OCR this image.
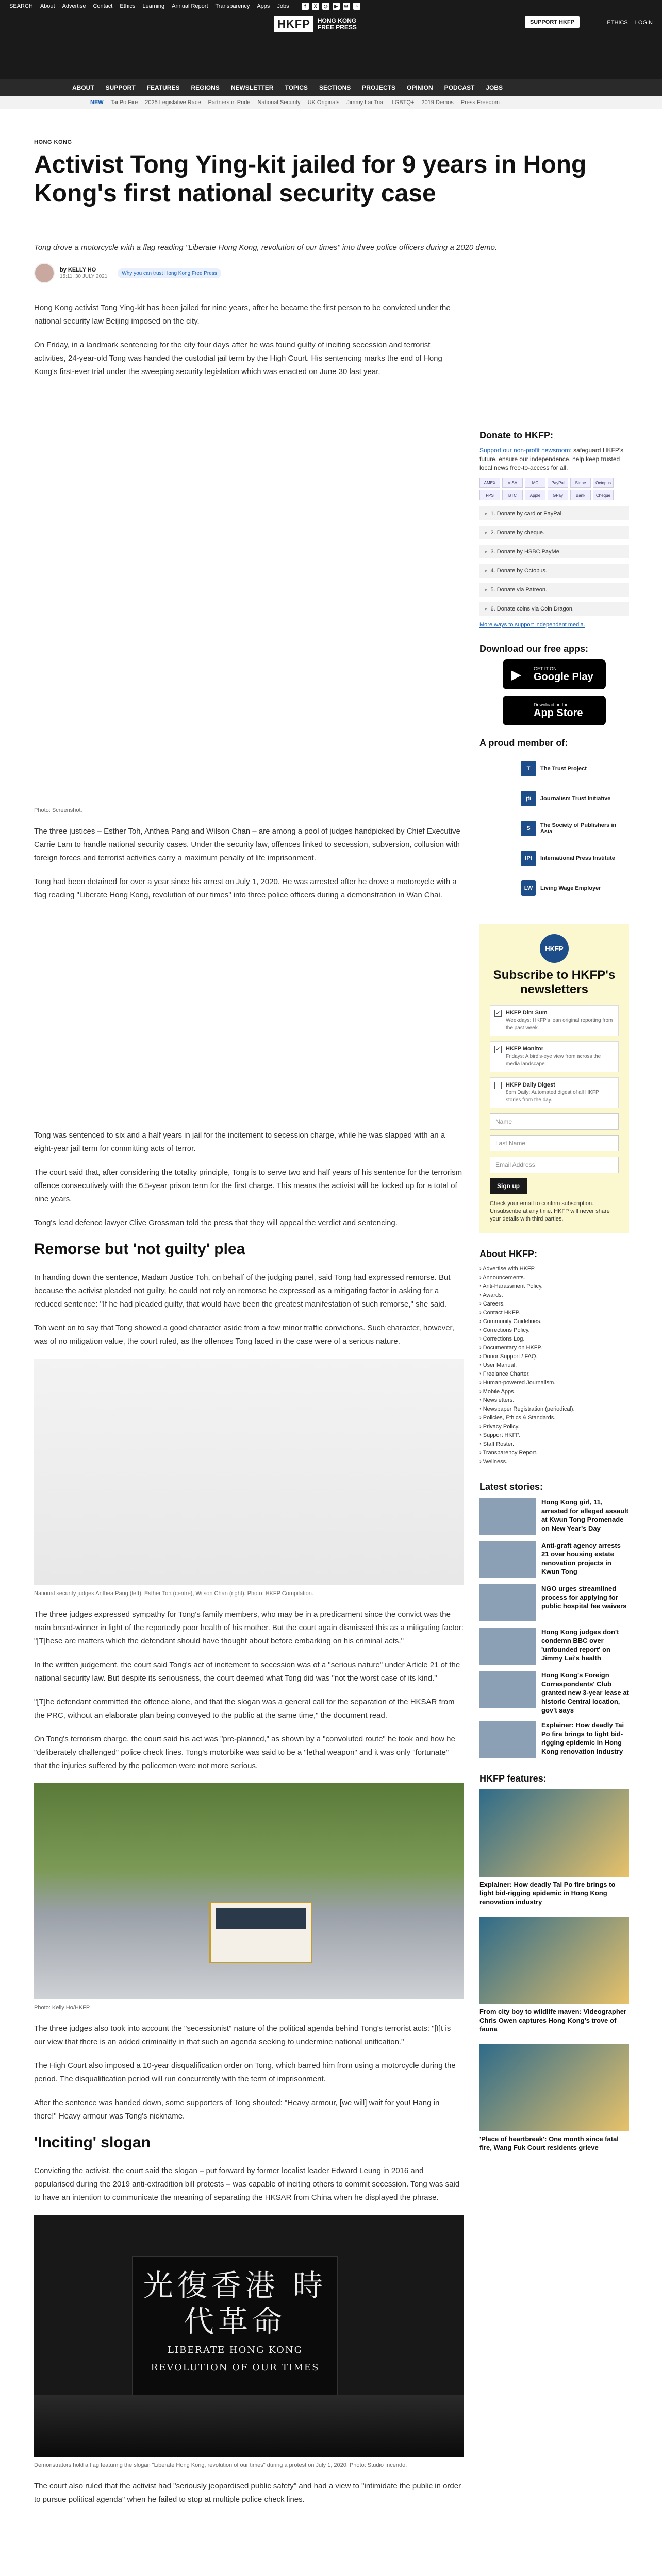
SEARCH About Advertise Contact Ethics Learning Annual Report Transparency Apps Jobs	f	X	◎	▶	✉	◔
HKFP	HONG KONG
FREE PRESS
SUPPORT HKFP	ETHICS LOGIN
ABOUT SUPPORT FEATURES REGIONS NEWSLETTER TOPICS SECTIONS PROJECTS OPINION PODCAST JOBS
NEW Tai Po Fire 2025 Legislative Race Partners in Pride National Security UK Originals Jimmy Lai Trial LGBTQ+ 2019 Demos Press Freedom
HONG KONG
Activist Tong Ying-kit jailed for 9 years in Hong Kong's first national security case
Tong drove a motorcycle with a flag reading "Liberate Hong Kong, revolution of our times" into three police officers during a 2020 demo.
by KELLY HO
15:11, 30 JULY 2021
Why you can trust Hong Kong Free Press

Hong Kong activist Tong Ying-kit has been jailed for nine years, after he became the first person to be convicted under the national security law Beijing imposed on the city.

On Friday, in a landmark sentencing for the city four days after he was found guilty of inciting secession and terrorist activities, 24-year-old Tong was handed the custodial jail term by the High Court. His sentencing marks the end of Hong Kong's first-ever trial under the sweeping security legislation which was enacted on June 30 last year.

Photo: Screenshot.

The three justices – Esther Toh, Anthea Pang and Wilson Chan – are among a pool of judges handpicked by Chief Executive Carrie Lam to handle national security cases. Under the security law, offences linked to secession, subversion, collusion with foreign forces and terrorist activities carry a maximum penalty of life imprisonment.

Tong had been detained for over a year since his arrest on July 1, 2020. He was arrested after he drove a motorcycle with a flag reading "Liberate Hong Kong, revolution of our times" into three police officers during a demonstration in Wan Chai.

Tong was sentenced to six and a half years in jail for the incitement to secession charge, while he was slapped with an a eight-year jail term for committing acts of terror.

The court said that, after considering the totality principle, Tong is to serve two and half years of his sentence for the terrorism offence consecutively with the 6.5-year prison term for the first charge. This means the activist will be locked up for a total of nine years.

Tong's lead defence lawyer Clive Grossman told the press that they will appeal the verdict and sentencing.

Remorse but 'not guilty' plea

In handing down the sentence, Madam Justice Toh, on behalf of the judging panel, said Tong had expressed remorse. But because the activist pleaded not guilty, he could not rely on remorse he expressed as a mitigating factor in asking for a reduced sentence: "If he had pleaded guilty, that would have been the greatest manifestation of such remorse," she said.

Toh went on to say that Tong showed a good character aside from a few minor traffic convictions. Such character, however, was of no mitigation value, the court ruled, as the offences Tong faced in the case were of a serious nature.

National security judges Anthea Pang (left), Esther Toh (centre), Wilson Chan (right). Photo: HKFP Compilation.

The three judges expressed sympathy for Tong's family members, who may be in a predicament since the convict was the main bread-winner in light of the reportedly poor health of his mother. But the court again dismissed this as a mitigating factor: "[T]hese are matters which the defendant should have thought about before embarking on his criminal acts."

In the written judgement, the court said Tong's act of incitement to secession was of a "serious nature" under Article 21 of the national security law. But despite its seriousness, the court deemed what Tong did was "not the worst case of its kind."

"[T]he defendant committed the offence alone, and that the slogan was a general call for the separation of the HKSAR from the PRC, without an elaborate plan being conveyed to the public at the same time," the document read.

On Tong's terrorism charge, the court said his act was "pre-planned," as shown by a "convoluted route" he took and how he "deliberately challenged" police check lines. Tong's motorbike was said to be a "lethal weapon" and it was only "fortunate" that the injuries suffered by the policemen were not more serious.

Photo: Kelly Ho/HKFP.

The three judges also took into account the "secessionist" nature of the political agenda behind Tong's terrorist acts: "[I]t is our view that there is an added criminality in that such an agenda seeking to undermine national unification."

The High Court also imposed a 10-year disqualification order on Tong, which barred him from using a motorcycle during the period. The disqualification period will run concurrently with the term of imprisonment.

After the sentence was handed down, some supporters of Tong shouted: "Heavy armour, [we will] wait for you! Hang in there!" Heavy armour was Tong's nickname.

'Inciting' slogan

Convicting the activist, the court said the slogan – put forward by former localist leader Edward Leung in 2016 and popularised during the 2019 anti-extradition bill protests – was capable of inciting others to commit secession. Tong was said to have an intention to communicate the meaning of separating the HKSAR from China when he displayed the phrase.

光復香港 時代革命
LIBERATE HONG KONG
REVOLUTION OF OUR TIMES
Demonstrators hold a flag featuring the slogan "Liberate Hong Kong, revolution of our times" during a protest on July 1, 2020. Photo: Studio Incendo.

The court also ruled that the activist had "seriously jeopardised public safety" and had a view to "intimidate the public in order to pursue political agenda" when he failed to stop at multiple police check lines.

Donate to HKFP:
Support our non-profit newsroom: safeguard HKFP's future, ensure our independence, help keep trusted local news free-to-access for all.
AMEX	VISA	MC	PayPal	Stripe	Octopus
FPS	BTC	Apple	GPay	Bank	Cheque
▸ 1. Donate by card or PayPal.
▸ 2. Donate by cheque.
▸ 3. Donate by HSBC PayMe.
▸ 4. Donate by Octopus.
▸ 5. Donate via Patreon.
▸ 6. Donate coins via Coin Dragon.
More ways to support independent media.
Download our free apps:
▶	GET IT ON
Google Play
Download on the
App Store
A proud member of:
T	The Trust Project
jti	Journalism Trust Initiative
S	The Society of Publishers in Asia
IPI	International Press Institute
LW	Living Wage Employer
HKFP
Subscribe to HKFP's newsletters
✓ HKFP Dim Sum
Weekdays: HKFP's lean original reporting from the past week.
✓ HKFP Monitor
Fridays: A bird's-eye view from across the media landscape.
HKFP Daily Digest
8pm Daily: Automated digest of all HKFP stories from the day.
Name
Last Name
Email Address
Sign up
Check your email to confirm subscription. Unsubscribe at any time. HKFP will never share your details with third parties.
About HKFP:
› Advertise with HKFP.
› Announcements.
› Anti-Harassment Policy.
› Awards.
› Careers.
› Contact HKFP.
› Community Guidelines.
› Corrections Policy.
› Corrections Log.
› Documentary on HKFP.
› Donor Support / FAQ.
› User Manual.
› Freelance Charter.
› Human-powered Journalism.
› Mobile Apps.
› Newsletters.
› Newspaper Registration (periodical).
› Policies, Ethics & Standards.
› Privacy Policy.
› Support HKFP.
› Staff Roster.
› Transparency Report.
› Wellness.
Latest stories:
Hong Kong girl, 11, arrested for alleged assault at Kwun Tong Promenade on New Year's Day
Anti-graft agency arrests 21 over housing estate renovation projects in Kwun Tong
NGO urges streamlined process for applying for public hospital fee waivers
Hong Kong judges don't condemn BBC over 'unfounded report' on Jimmy Lai's health
Hong Kong's Foreign Correspondents' Club granted new 3-year lease at historic Central location, gov't says
Explainer: How deadly Tai Po fire brings to light bid-rigging epidemic in Hong Kong renovation industry
HKFP features:
Explainer: How deadly Tai Po fire brings to light bid-rigging epidemic in Hong Kong renovation industry
From city boy to wildlife maven: Videographer Chris Owen captures Hong Kong's trove of fauna
'Place of heartbreak': One month since fatal fire, Wang Fuk Court residents grieve
